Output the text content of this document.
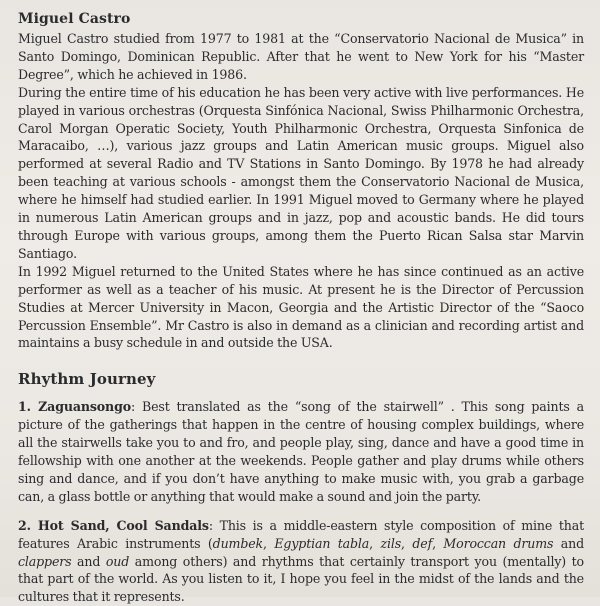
Miguel Castro

Miguel Castro studied from 1977 to 1981 at the “Conservatorio Nacional de Musica” in Santo Domingo, Dominican Republic. After that he went to New York for his “Master Degree”, which he achieved in 1986.

During the entire time of his education he has been very active with live performances. He played in various orchestras (Orquesta Sinfónica Nacional, Swiss Philharmonic Orchestra, Carol Morgan Operatic Society, Youth Philharmonic Orchestra, Orquesta Sinfonica de Maracaibo, …), various jazz groups and Latin American music groups. Miguel also performed at several Radio and TV Stations in Santo Domingo. By 1978 he had already been teaching at various schools - amongst them the Conservatorio Nacional de Musica, where he himself had studied earlier. In 1991 Miguel moved to Germany where he played in numerous Latin American groups and in jazz, pop and acoustic bands. He did tours through Europe with various groups, among them the Puerto Rican Salsa star Marvin Santiago.

In 1992 Miguel returned to the United States where he has since continued as an active performer as well as a teacher of his music. At present he is the Director of Percussion Studies at Mercer University in Macon, Georgia and the Artistic Director of the “Saoco Percussion Ensemble”. Mr Castro is also in demand as a clinician and recording artist and maintains a busy schedule in and outside the USA.

Rhythm Journey

1. Zaguansongo: Best translated as the “song of the stairwell” . This song paints a picture of the gatherings that happen in the centre of housing complex buildings, where all the stairwells take you to and fro, and people play, sing, dance and have a good time in fellowship with one another at the weekends. People gather and play drums while others sing and dance, and if you don’t have anything to make music with, you grab a garbage can, a glass bottle or anything that would make a sound and join the party.

2. Hot Sand, Cool Sandals: This is a middle-eastern style composition of mine that features Arabic instruments (dumbek, Egyptian tabla, zils, def, Moroccan drums and clappers and oud among others) and rhythms that certainly transport you (mentally) to that part of the world. As you listen to it, I hope you feel in the midst of the lands and the cultures that it represents.
